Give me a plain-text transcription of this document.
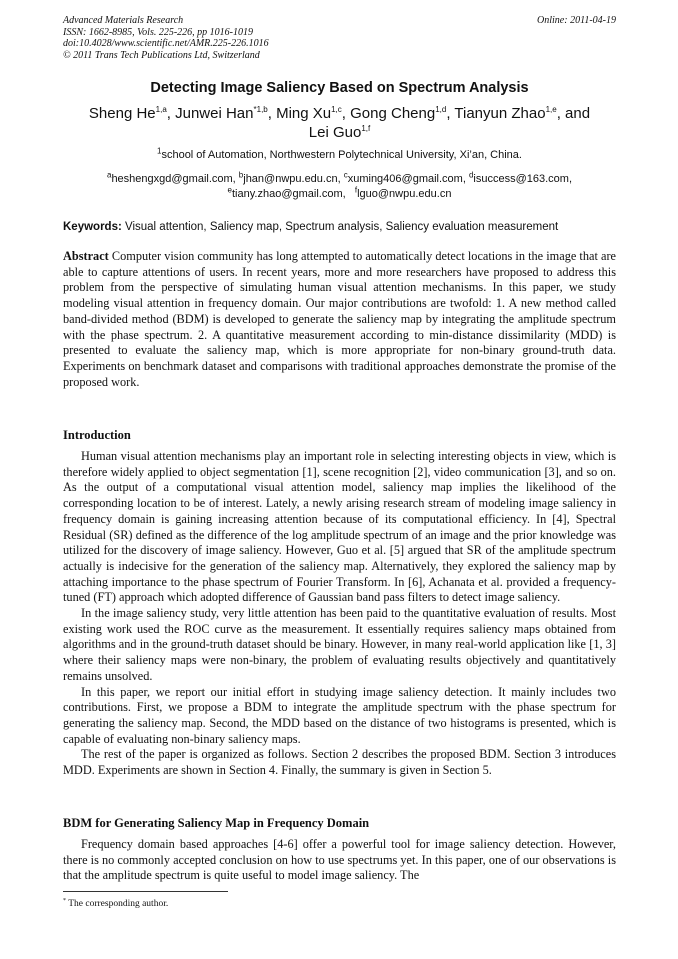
Advanced Materials Research
ISSN: 1662-8985, Vols. 225-226, pp 1016-1019
doi:10.4028/www.scientific.net/AMR.225-226.1016
© 2011 Trans Tech Publications Ltd, Switzerland
Online: 2011-04-19
Detecting Image Saliency Based on Spectrum Analysis
Sheng He$^{1,a}$, Junwei Han$^{*1,b}$, Ming Xu$^{1,c}$, Gong Cheng$^{1,d}$, Tianyun Zhao$^{1,e}$, and
Lei Guo$^{1,f}$
$^1$school of Automation, Northwestern Polytechnical University, Xi’an, China.
$^a$heshengxgd@gmail.com, $^b$jhan@nwpu.edu.cn, $^c$xuming406@gmail.com, $^d$isuccess@163.com,
$^e$tiany.zhao@gmail.com,   $^f$lguo@nwpu.edu.cn
Keywords: Visual attention, Saliency map, Spectrum analysis, Saliency evaluation measurement
Abstract Computer vision community has long attempted to automatically detect locations in the image that are able to capture attentions of users. In recent years, more and more researchers have proposed to address this problem from the perspective of simulating human visual attention mechanisms. In this paper, we study modeling visual attention in frequency domain. Our major contributions are twofold: 1. A new method called band-divided method (BDM) is developed to generate the saliency map by integrating the amplitude spectrum with the phase spectrum. 2. A quantitative measurement according to min-distance dissimilarity (MDD) is presented to evaluate the saliency map, which is more appropriate for non-binary ground-truth data. Experiments on benchmark dataset and comparisons with traditional approaches demonstrate the promise of the proposed work.
Introduction

Human visual attention mechanisms play an important role in selecting interesting objects in view, which is therefore widely applied to object segmentation [1], scene recognition [2], video communication [3], and so on. As the output of a computational visual attention model, saliency map implies the likelihood of the corresponding location to be of interest. Lately, a newly arising research stream of modeling image saliency in frequency domain is gaining increasing attention because of its computational efficiency. In [4], Spectral Residual (SR) defined as the difference of the log amplitude spectrum of an image and the prior knowledge was utilized for the discovery of image saliency. However, Guo et al. [5] argued that SR of the amplitude spectrum actually is indecisive for the generation of the saliency map. Alternatively, they explored the saliency map by attaching importance to the phase spectrum of Fourier Transform. In [6], Achanata et al. provided a frequency-tuned (FT) approach which adopted difference of Gaussian band pass filters to detect image saliency.

In the image saliency study, very little attention has been paid to the quantitative evaluation of results. Most existing work used the ROC curve as the measurement. It essentially requires saliency maps obtained from algorithms and in the ground-truth dataset should be binary. However, in many real-world application like [1, 3] where their saliency maps were non-binary, the problem of evaluating results objectively and quantitatively remains unsolved.

In this paper, we report our initial effort in studying image saliency detection. It mainly includes two contributions. First, we propose a BDM to integrate the amplitude spectrum with the phase spectrum for generating the saliency map. Second, the MDD based on the distance of two histograms is presented, which is capable of evaluating non-binary saliency maps.

The rest of the paper is organized as follows. Section 2 describes the proposed BDM. Section 3 introduces MDD. Experiments are shown in Section 4. Finally, the summary is given in Section 5.

BDM for Generating Saliency Map in Frequency Domain

Frequency domain based approaches [4-6] offer a powerful tool for image saliency detection. However, there is no commonly accepted conclusion on how to use spectrums yet. In this paper, one of our observations is that the amplitude spectrum is quite useful to model image saliency. The

* The corresponding author.
